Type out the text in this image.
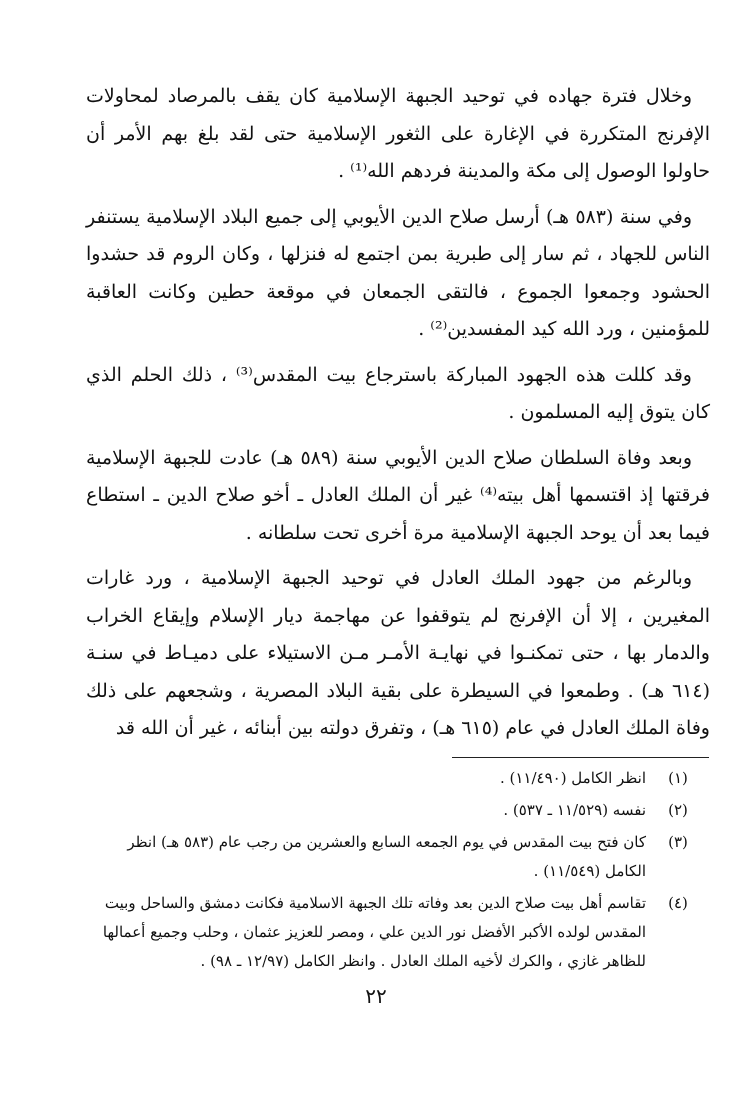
وخلال فترة جهاده في توحيد الجبهة الإسلامية كان يقف بالمرصاد لمحاولات الإفرنج المتكررة في الإغارة على الثغور الإسلامية حتى لقد بلغ بهم الأمر أن حاولوا الوصول إلى مكة والمدينة فردهم الله⁽¹⁾ .

وفي سنة (٥٨٣ هـ) أرسل صلاح الدين الأيوبي إلى جميع البلاد الإسلامية يستنفر الناس للجهاد ، ثم سار إلى طبرية بمن اجتمع له فنزلها ، وكان الروم قد حشدوا الحشود وجمعوا الجموع ، فالتقى الجمعان في موقعة حطين وكانت العاقبة للمؤمنين ، ورد الله كيد المفسدين⁽²⁾ .

وقد كللت هذه الجهود المباركة باسترجاع بيت المقدس⁽³⁾ ، ذلك الحلم الذي كان يتوق إليه المسلمون .

وبعد وفاة السلطان صلاح الدين الأيوبي سنة (٥٨٩ هـ) عادت للجبهة الإسلامية فرقتها إذ اقتسمها أهل بيته⁽⁴⁾ غير أن الملك العادل ـ أخو صلاح الدين ـ استطاع فيما بعد أن يوحد الجبهة الإسلامية مرة أخرى تحت سلطانه .

وبالرغم من جهود الملك العادل في توحيد الجبهة الإسلامية ، ورد غارات المغيرين ، إلا أن الإفرنج لم يتوقفوا عن مهاجمة ديار الإسلام وإيقاع الخراب والدمار بها ، حتى تمكنـوا في نهايـة الأمـر مـن الاستيلاء على دميـاط في سنـة (٦١٤ هـ) . وطمعوا في السيطرة على بقية البلاد المصرية ، وشجعهم على ذلك وفاة الملك العادل في عام (٦١٥ هـ) ، وتفرق دولته بين أبنائه ، غير أن الله قد

(١)
انظر الكامل (١١/٤٩٠) .
(٢)
نفسه (١١/٥٢٩ ـ ٥٣٧) .
(٣)
كان فتح بيت المقدس في يوم الجمعه السابع والعشرين من رجب عام (٥٨٣ هـ) انظر الكامل (١١/٥٤٩) .
(٤)
تقاسم أهل بيت صلاح الدين بعد وفاته تلك الجبهة الاسلامية فكانت دمشق والساحل وبيت المقدس لولده الأكبر الأفضل نور الدين علي ، ومصر للعزيز عثمان ، وحلب وجميع أعمالها للظاهر غازي ، والكرك لأخيه الملك العادل . وانظر الكامل (١٢/٩٧ ـ ٩٨) .
٢٢
